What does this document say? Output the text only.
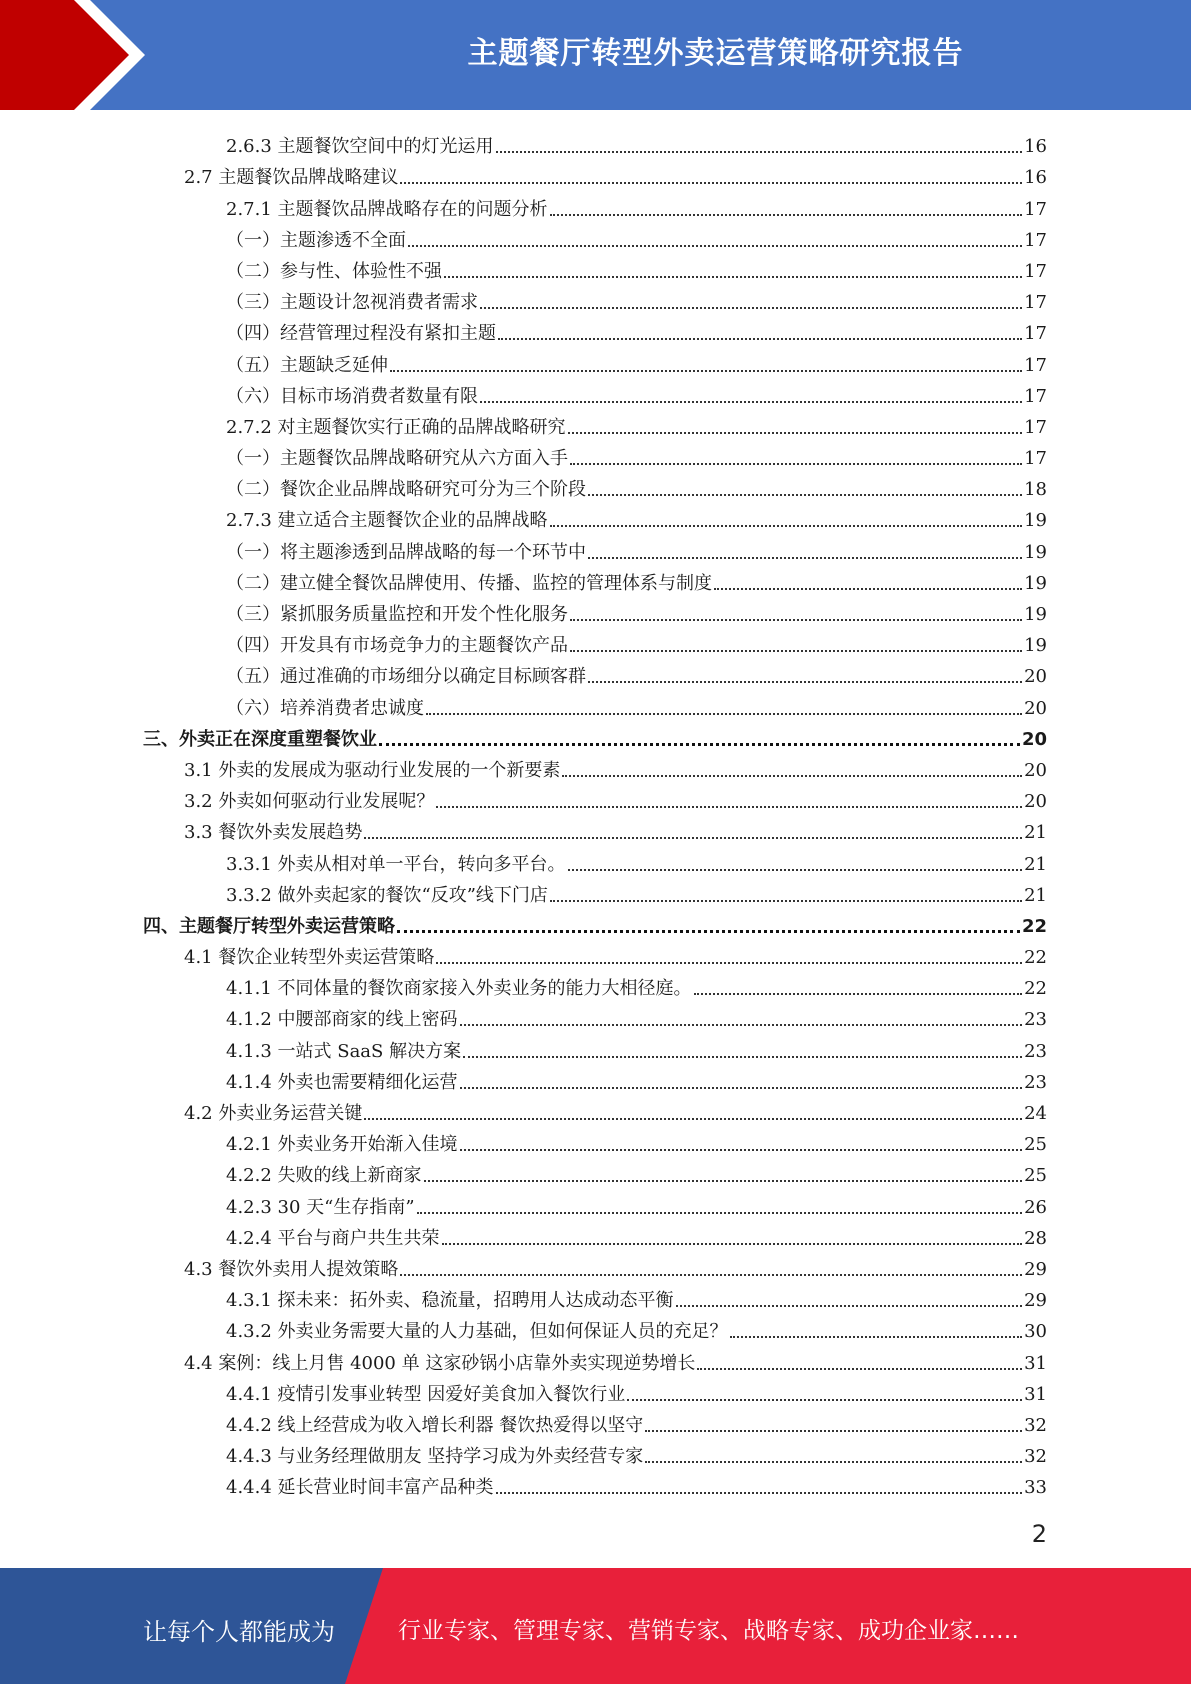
主题餐厅转型外卖运营策略研究报告
2.6.3 主题餐饮空间中的灯光运用	16
2.7 主题餐饮品牌战略建议	16
2.7.1 主题餐饮品牌战略存在的问题分析	17
（一）主题渗透不全面	17
（二）参与性、体验性不强	17
（三）主题设计忽视消费者需求	17
（四）经营管理过程没有紧扣主题	17
（五）主题缺乏延伸	17
（六）目标市场消费者数量有限	17
2.7.2 对主题餐饮实行正确的品牌战略研究	17
（一）主题餐饮品牌战略研究从六方面入手	17
（二）餐饮企业品牌战略研究可分为三个阶段	18
2.7.3 建立适合主题餐饮企业的品牌战略	19
（一）将主题渗透到品牌战略的每一个环节中	19
（二）建立健全餐饮品牌使用、传播、监控的管理体系与制度	19
（三）紧抓服务质量监控和开发个性化服务	19
（四）开发具有市场竞争力的主题餐饮产品	19
（五）通过准确的市场细分以确定目标顾客群	20
（六）培养消费者忠诚度	20
三、外卖正在深度重塑餐饮业	20
3.1 外卖的发展成为驱动行业发展的一个新要素	20
3.2 外卖如何驱动行业发展呢？	20
3.3 餐饮外卖发展趋势	21
3.3.1 外卖从相对单一平台，转向多平台。	21
3.3.2 做外卖起家的餐饮“反攻”线下门店	21
四、主题餐厅转型外卖运营策略	22
4.1 餐饮企业转型外卖运营策略	22
4.1.1 不同体量的餐饮商家接入外卖业务的能力大相径庭。	22
4.1.2 中腰部商家的线上密码	23
4.1.3 一站式 SaaS 解决方案	23
4.1.4 外卖也需要精细化运营	23
4.2 外卖业务运营关键	24
4.2.1 外卖业务开始渐入佳境	25
4.2.2 失败的线上新商家	25
4.2.3 30 天“生存指南”	26
4.2.4 平台与商户共生共荣	28
4.3 餐饮外卖用人提效策略	29
4.3.1 探未来：拓外卖、稳流量，招聘用人达成动态平衡	29
4.3.2 外卖业务需要大量的人力基础，但如何保证人员的充足？	30
4.4 案例：线上月售 4000 单 这家砂锅小店靠外卖实现逆势增长	31
4.4.1 疫情引发事业转型 因爱好美食加入餐饮行业	31
4.4.2 线上经营成为收入增长利器 餐饮热爱得以坚守	32
4.4.3 与业务经理做朋友 坚持学习成为外卖经营专家	32
4.4.4 延长营业时间丰富产品种类	33
2
让每个人都能成为	行业专家、管理专家、营销专家、战略专家、成功企业家……
